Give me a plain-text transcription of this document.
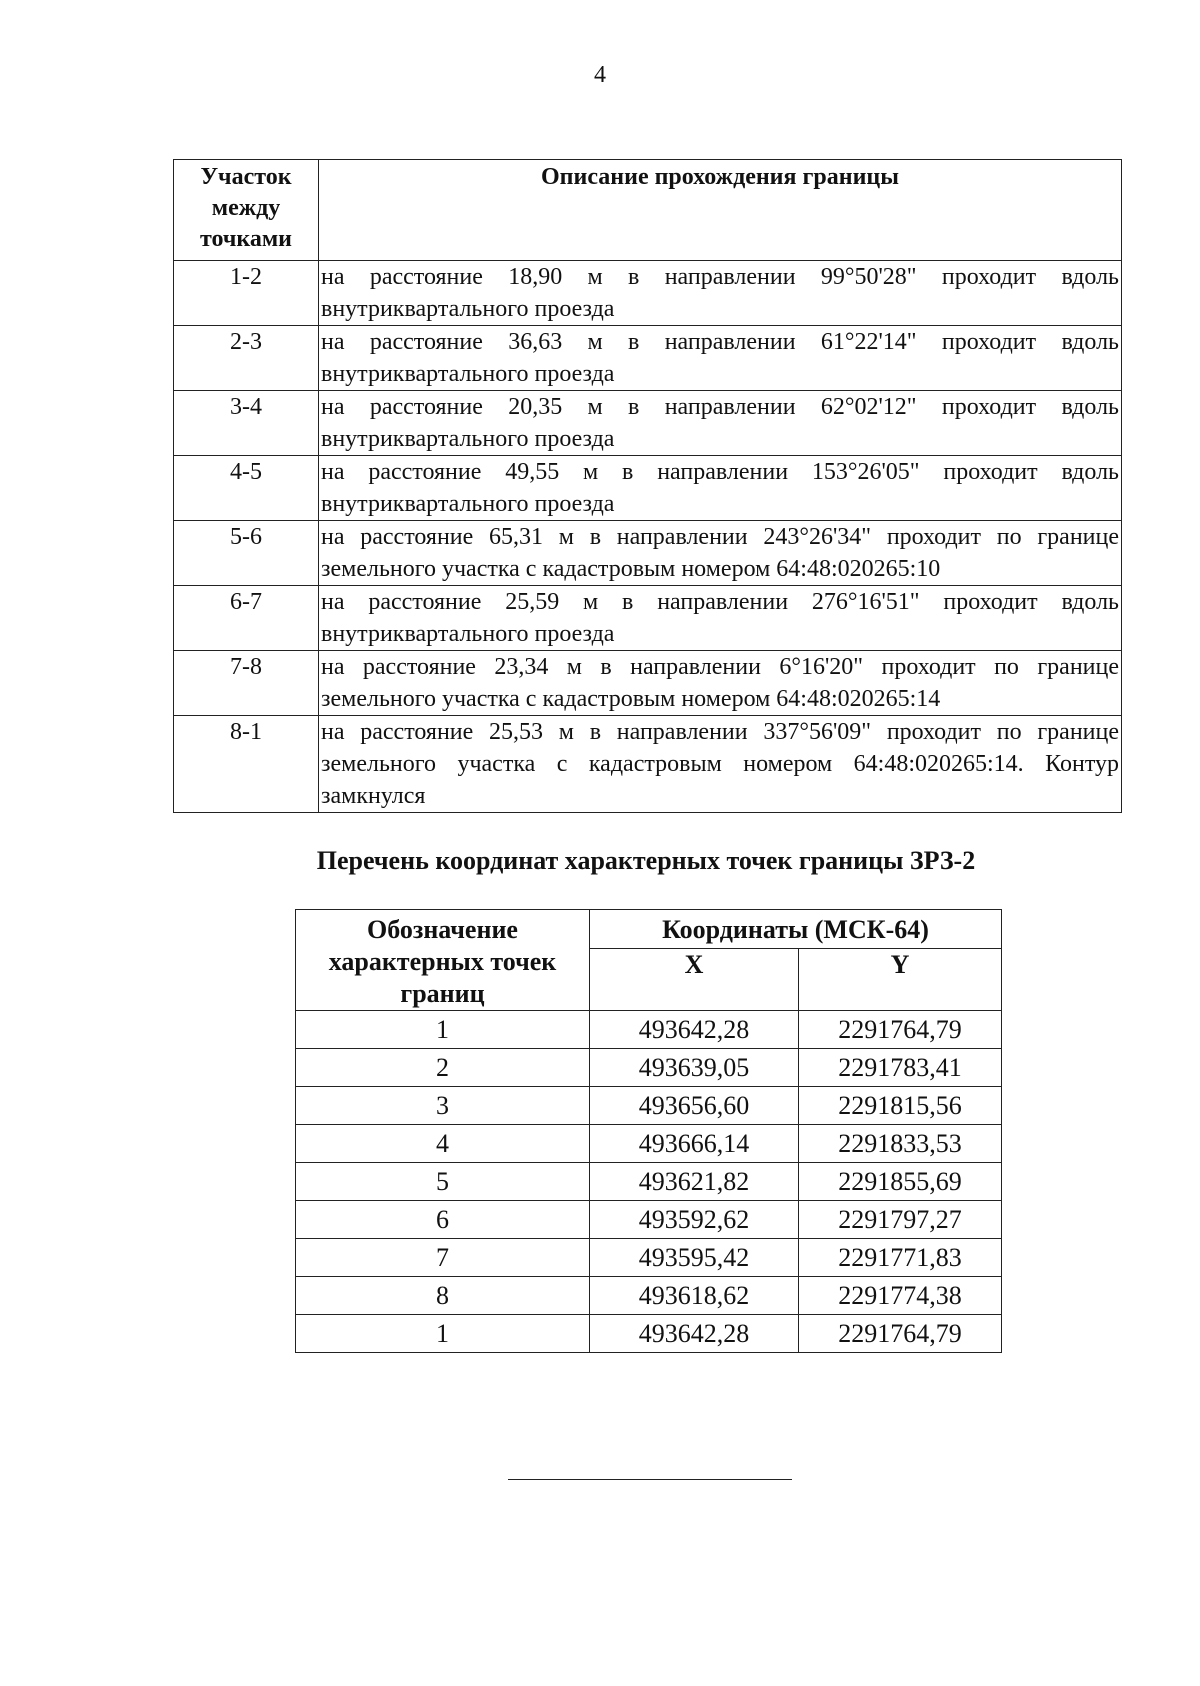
4
Участок между точками	Описание прохождения границы
1-2	на расстояние 18,90 м в направлении 99°50'28" проходит вдоль внутриквартального проезда
2-3	на расстояние 36,63 м в направлении 61°22'14" проходит вдоль внутриквартального проезда
3-4	на расстояние 20,35 м в направлении 62°02'12" проходит вдоль внутриквартального проезда
4-5	на расстояние 49,55 м в направлении 153°26'05" проходит вдоль внутриквартального проезда
5-6	на расстояние 65,31 м в направлении 243°26'34" проходит по границе земельного участка с кадастровым номером 64:48:020265:10
6-7	на расстояние 25,59 м в направлении 276°16'51" проходит вдоль внутриквартального проезда
7-8	на расстояние 23,34 м в направлении 6°16'20" проходит по границе земельного участка с кадастровым номером 64:48:020265:14
8-1	на расстояние 25,53 м в направлении 337°56'09" проходит по границе земельного участка с кадастровым номером 64:48:020265:14. Контур замкнулся
Перечень координат характерных точек границы ЗРЗ-2
Обозначение характерных точек границ	Координаты (МСК-64)	
	X	Y
1	493642,28	2291764,79
2	493639,05	2291783,41
3	493656,60	2291815,56
4	493666,14	2291833,53
5	493621,82	2291855,69
6	493592,62	2291797,27
7	493595,42	2291771,83
8	493618,62	2291774,38
1	493642,28	2291764,79
